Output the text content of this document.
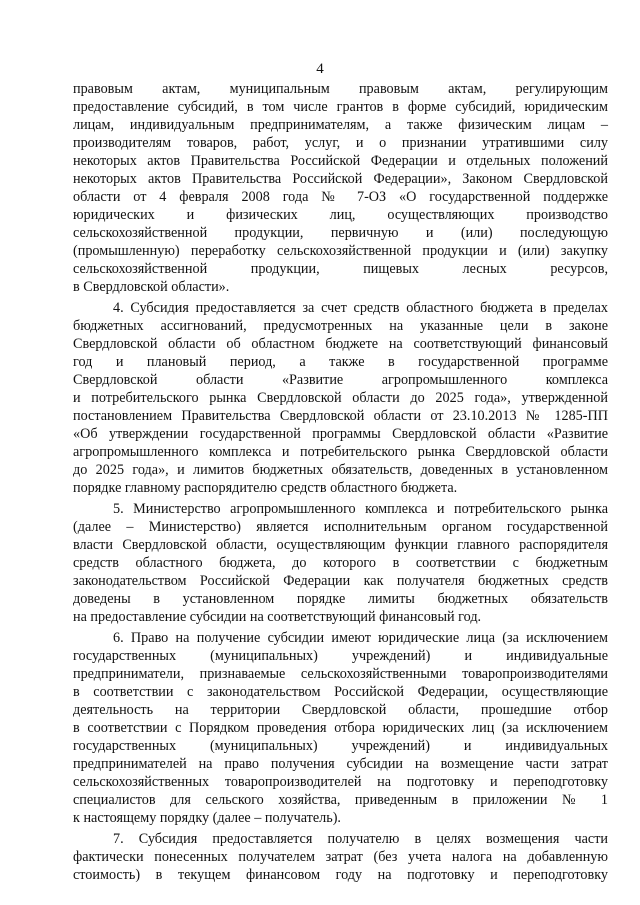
4
правовым актам, муниципальным правовым актам, регулирующим
предоставление субсидий, в том числе грантов в форме субсидий, юридическим
лицам, индивидуальным предпринимателям, а также физическим лицам –
производителям товаров, работ, услуг, и о признании утратившими силу
некоторых актов Правительства Российской Федерации и отдельных положений
некоторых актов Правительства Российской Федерации», Законом Свердловской
области от 4 февраля 2008 года № 7-ОЗ «О государственной поддержке
юридических и физических лиц, осуществляющих производство
сельскохозяйственной продукции, первичную и (или) последующую
(промышленную) переработку сельскохозяйственной продукции и (или) закупку
сельскохозяйственной продукции, пищевых лесных ресурсов,
в Свердловской области».
4. Субсидия предоставляется за счет средств областного бюджета в пределах
бюджетных ассигнований, предусмотренных на указанные цели в законе
Свердловской области об областном бюджете на соответствующий финансовый
год и плановый период, а также в государственной программе
Свердловской области «Развитие агропромышленного комплекса
и потребительского рынка Свердловской области до 2025 года», утвержденной
постановлением Правительства Свердловской области от 23.10.2013 № 1285-ПП
«Об утверждении государственной программы Свердловской области «Развитие
агропромышленного комплекса и потребительского рынка Свердловской области
до 2025 года», и лимитов бюджетных обязательств, доведенных в установленном
порядке главному распорядителю средств областного бюджета.
5. Министерство агропромышленного комплекса и потребительского рынка
(далее – Министерство) является исполнительным органом государственной
власти Свердловской области, осуществляющим функции главного распорядителя
средств областного бюджета, до которого в соответствии с бюджетным
законодательством Российской Федерации как получателя бюджетных средств
доведены в установленном порядке лимиты бюджетных обязательств
на предоставление субсидии на соответствующий финансовый год.
6. Право на получение субсидии имеют юридические лица (за исключением
государственных (муниципальных) учреждений) и индивидуальные
предприниматели, признаваемые сельскохозяйственными товаропроизводителями
в соответствии с законодательством Российской Федерации, осуществляющие
деятельность на территории Свердловской области, прошедшие отбор
в соответствии с Порядком проведения отбора юридических лиц (за исключением
государственных (муниципальных) учреждений) и индивидуальных
предпринимателей на право получения субсидии на возмещение части затрат
сельскохозяйственных товаропроизводителей на подготовку и переподготовку
специалистов для сельского хозяйства, приведенным в приложении № 1
к настоящему порядку (далее – получатель).
7. Субсидия предоставляется получателю в целях возмещения части
фактически понесенных получателем затрат (без учета налога на добавленную
стоимость) в текущем финансовом году на подготовку и переподготовку
